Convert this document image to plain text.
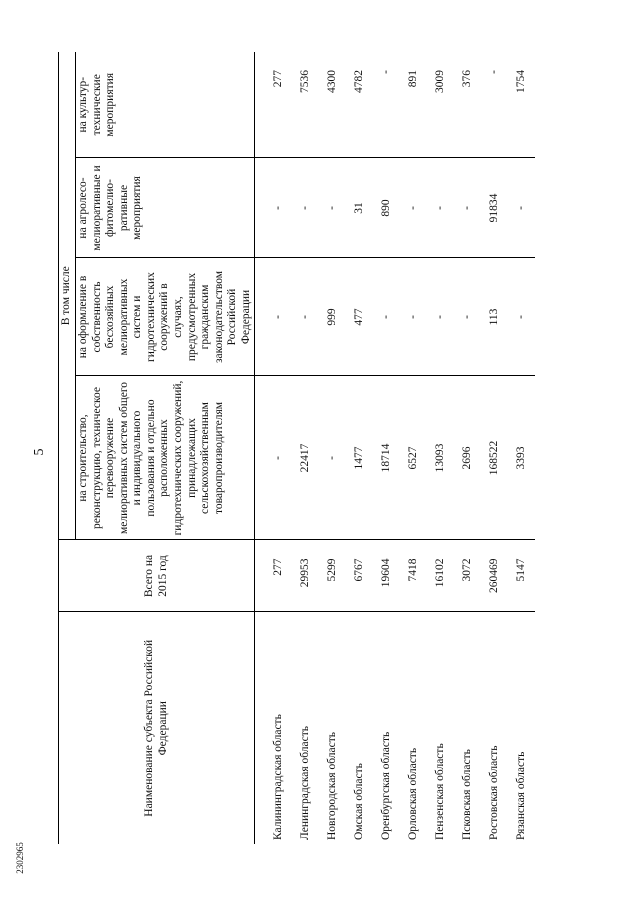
5
Наименование субъекта Российской Федерации	Всего на 2015 год	В том числе			
		на строительство, реконструкцию, техническое перевооружение мелиоративных систем общего и индивидуального пользования и отдельно расположенных гидротехнических сооружений, принадлежащих сельскохозяйственным товаропроизводителям	на оформление в собственность бесхозяйных мелиоративных систем и гидротехнических сооружений в случаях, предусмотренных гражданским законодательством Российской Федерации	на агролесо-мелиоративные и фитомелио-ративные мероприятия	на культур-технические мероприятия

Калининградская область	277	-	-	-	277
Ленинградская область	29953	22417	-	-	7536
Новгородская область	5299	-	999	-	4300
Омская область	6767	1477	477	31	4782
Оренбургская область	19604	18714	-	890	-
Орловская область	7418	6527	-	-	891
Пензенская область	16102	13093	-	-	3009
Псковская область	3072	2696	-	-	376
Ростовская область	260469	168522	113	91834	-
Рязанская область	5147	3393	-	-	1754
2302965
